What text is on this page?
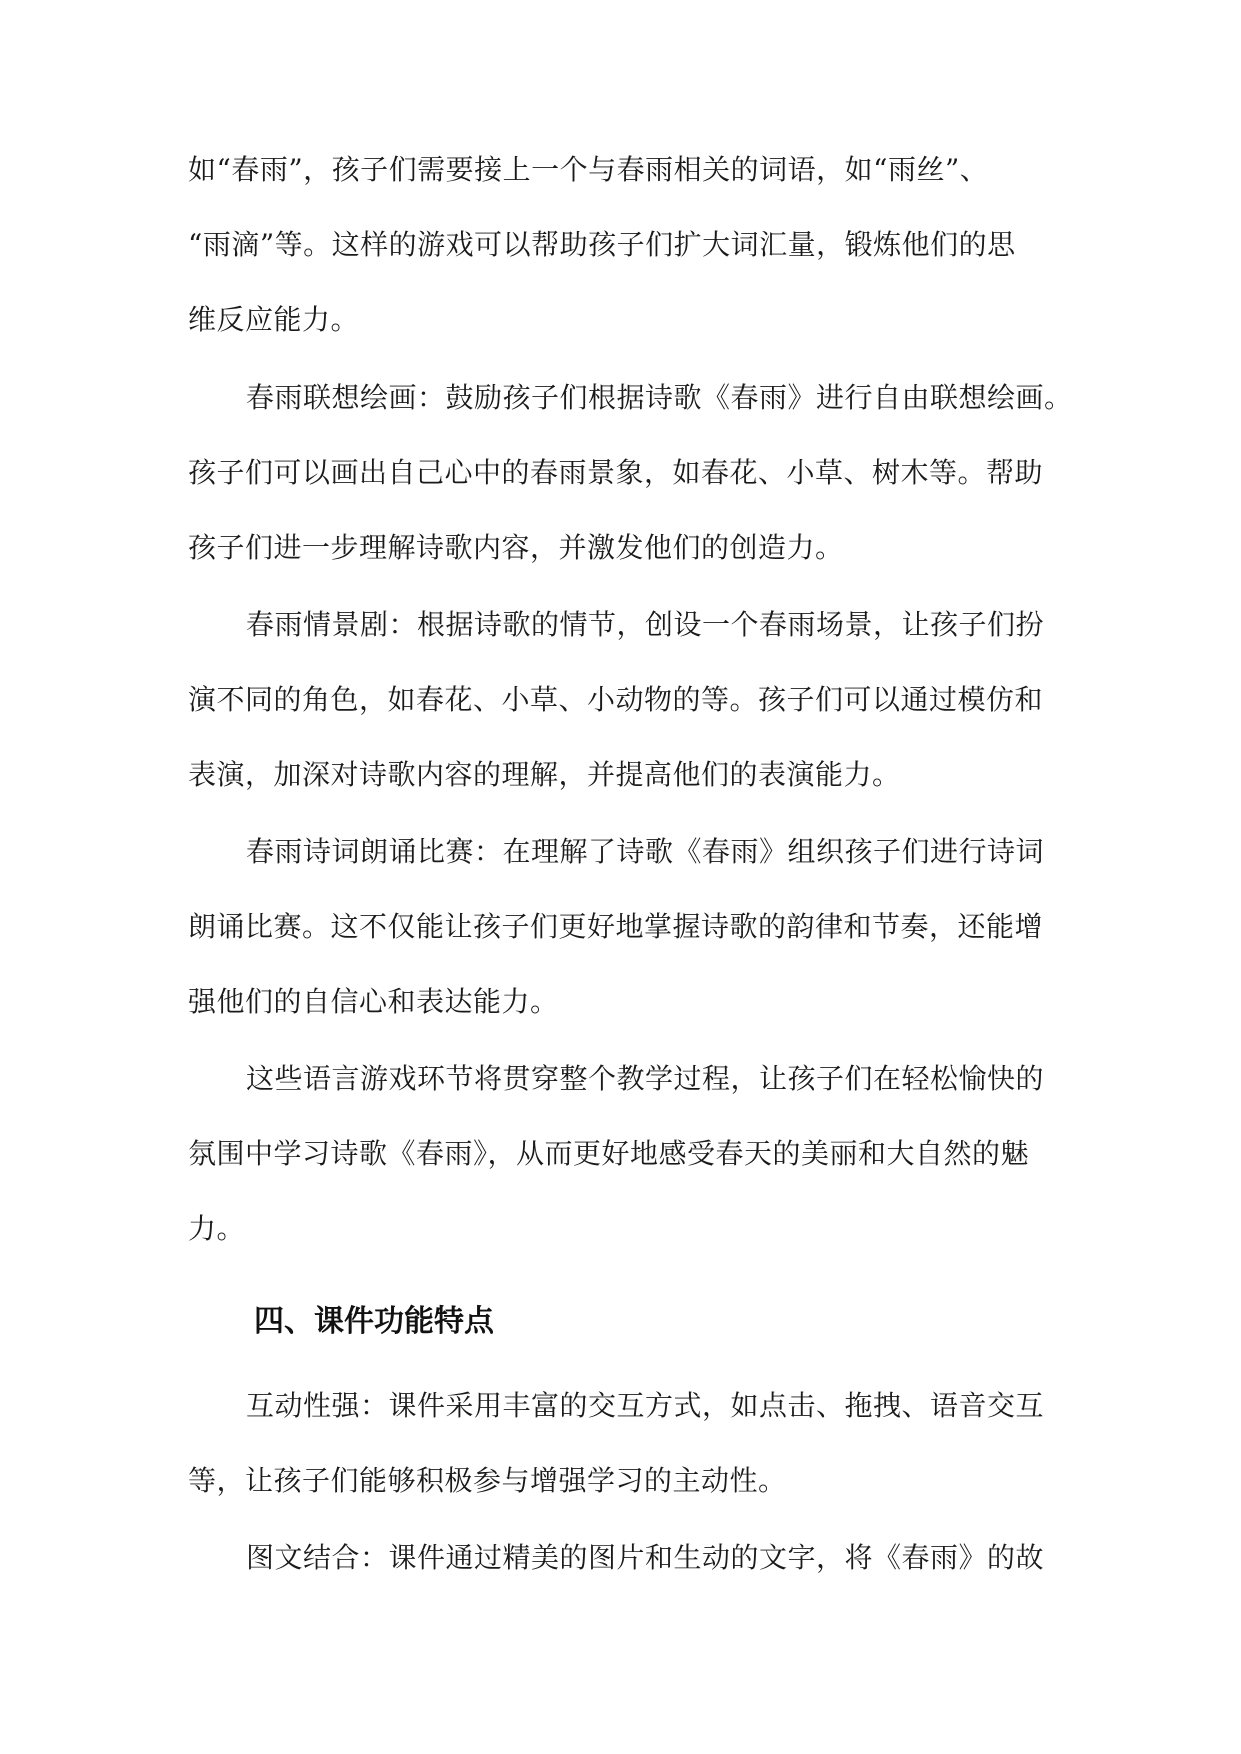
如“春雨”，孩子们需要接上一个与春雨相关的词语，如“雨丝”、
“雨滴”等。这样的游戏可以帮助孩子们扩大词汇量，锻炼他们的思
维反应能力。
春雨联想绘画：鼓励孩子们根据诗歌《春雨》进行自由联想绘画。
孩子们可以画出自己心中的春雨景象，如春花、小草、树木等。帮助
孩子们进一步理解诗歌内容，并激发他们的创造力。
春雨情景剧：根据诗歌的情节，创设一个春雨场景，让孩子们扮
演不同的角色，如春花、小草、小动物的等。孩子们可以通过模仿和
表演，加深对诗歌内容的理解，并提高他们的表演能力。
春雨诗词朗诵比赛：在理解了诗歌《春雨》组织孩子们进行诗词
朗诵比赛。这不仅能让孩子们更好地掌握诗歌的韵律和节奏，还能增
强他们的自信心和表达能力。
这些语言游戏环节将贯穿整个教学过程，让孩子们在轻松愉快的
氛围中学习诗歌《春雨》，从而更好地感受春天的美丽和大自然的魅
力。
四、课件功能特点
互动性强：课件采用丰富的交互方式，如点击、拖拽、语音交互
等，让孩子们能够积极参与增强学习的主动性。
图文结合：课件通过精美的图片和生动的文字，将《春雨》的故
